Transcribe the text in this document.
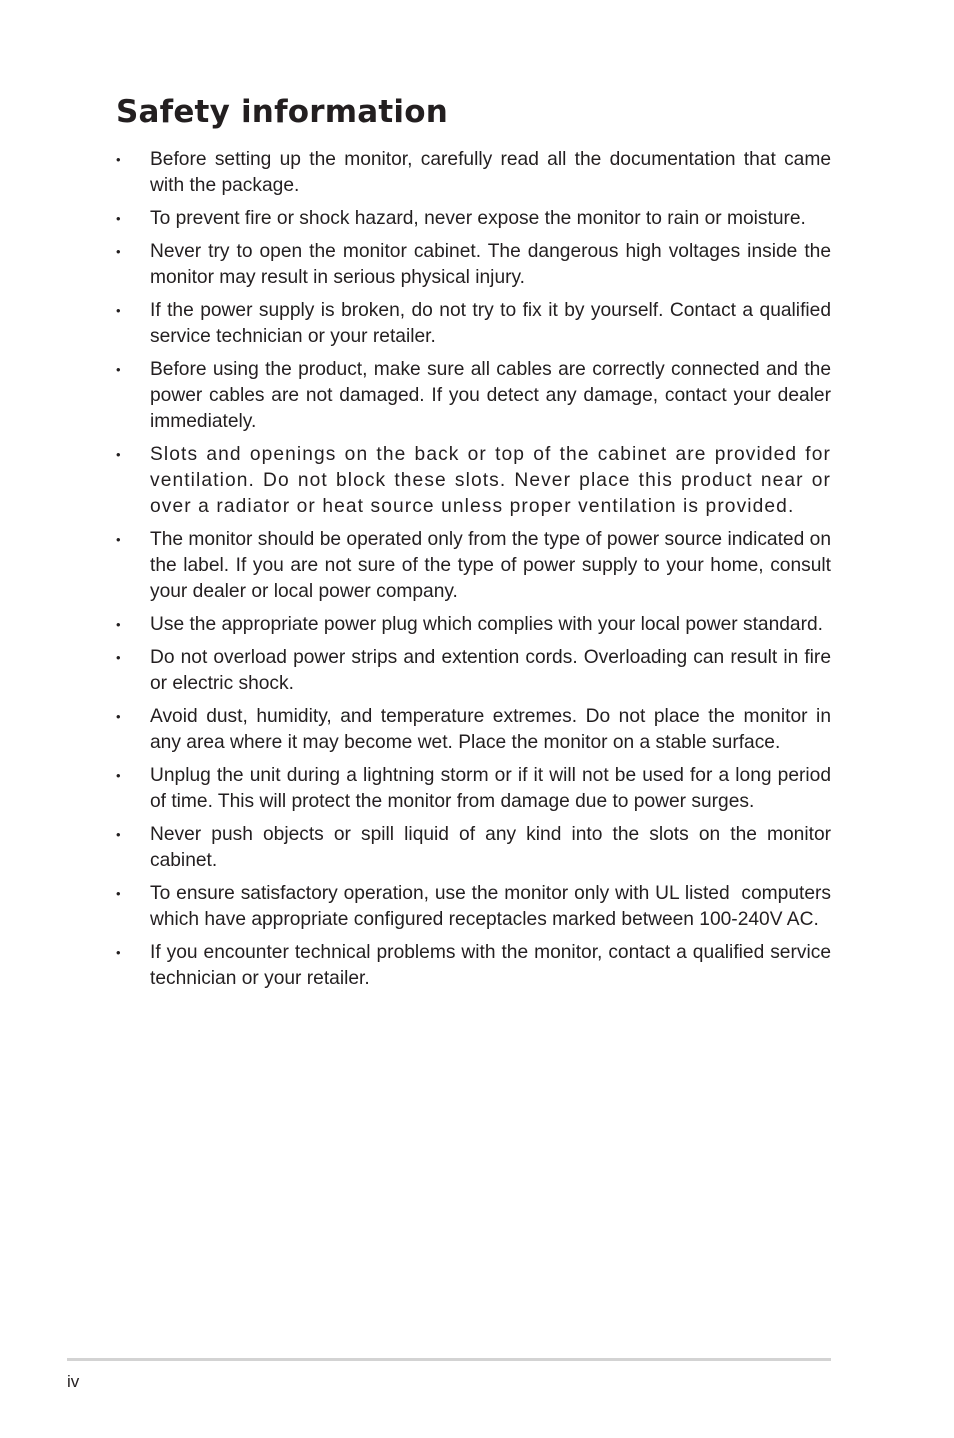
Safety information
• Before setting up the monitor, carefully read all the documentation that came with the package.
• To prevent fire or shock hazard, never expose the monitor to rain or moisture.
• Never try to open the monitor cabinet. The dangerous high voltages inside the monitor may result in serious physical injury.
• If the power supply is broken, do not try to fix it by yourself. Contact a qualified service technician or your retailer.
• Before using the product, make sure all cables are correctly connected and the power cables are not damaged. If you detect any damage, contact your dealer immediately.
• Slots and openings on the back or top of the cabinet are provided for ventilation. Do not block these slots. Never place this product near or over a radiator or heat source unless proper ventilation is provided.
• The monitor should be operated only from the type of power source indicated on the label. If you are not sure of the type of power supply to your home, consult your dealer or local power company.
• Use the appropriate power plug which complies with your local power standard.
• Do not overload power strips and extention cords. Overloading can result in fire or electric shock.
• Avoid dust, humidity, and temperature extremes. Do not place the monitor in any area where it may become wet. Place the monitor on a stable surface.
• Unplug the unit during a lightning storm or if it will not be used for a long period of time. This will protect the monitor from damage due to power surges.
• Never push objects or spill liquid of any kind into the slots on the monitor cabinet.
• To ensure satisfactory operation, use the monitor only with UL listed  computers which have appropriate configured receptacles marked between 100-240V AC.
• If you encounter technical problems with the monitor, contact a qualified service technician or your retailer.
iv
